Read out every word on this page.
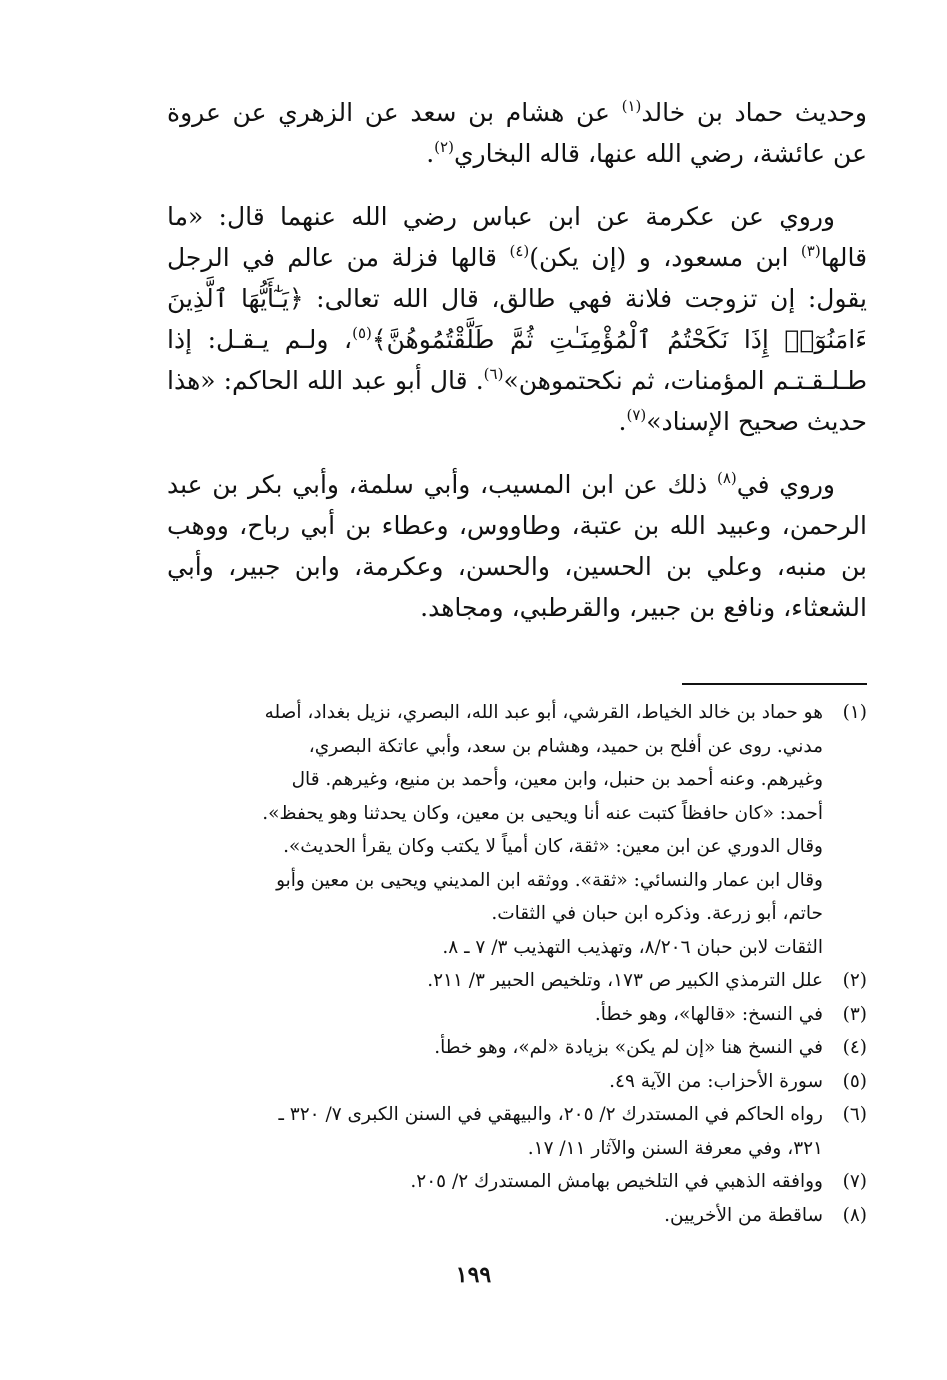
وحديث حماد بن خالد$^{(١)}$ عن هشام بن سعد عن الزهري عن عروة عن عائشة، رضي الله عنها، قاله البخاري$^{(٢)}$.

وروي عن عكرمة عن ابن عباس رضي الله عنهما قال: «ما قالها$^{(٣)}$ ابن مسعود، و (إن يكن)$^{(٤)}$ قالها فزلة من عالم في الرجل يقول: إن تزوجت فلانة فهي طالق، قال الله تعالى: ﴿يَـٰٓأَيُّهَا ٱلَّذِينَ ءَامَنُوٓا۟ إِذَا نَكَحْتُمُ ٱلْمُؤْمِنَـٰتِ ثُمَّ طَلَّقْتُمُوهُنَّ﴾$^{(٥)}$، ولـم يـقـل: إذا طـلـقـتـم المؤمنات، ثم نكحتموهن»$^{(٦)}$. قال أبو عبد الله الحاكم: «هذا حديث صحيح الإسناد»$^{(٧)}$.

وروي في$^{(٨)}$ ذلك عن ابن المسيب، وأبي سلمة، وأبي بكر بن عبد الرحمن، وعبيد الله بن عتبة، وطاووس، وعطاء بن أبي رباح، ووهب بن منبه، وعلي بن الحسين، والحسن، وعكرمة، وابن جبير، وأبي الشعثاء، ونافع بن جبير، والقرطبي، ومجاهد.

(١)
هو حماد بن خالد الخياط، القرشي، أبو عبد الله، البصري، نزيل بغداد، أصله
مدني. روى عن أفلح بن حميد، وهشام بن سعد، وأبي عاتكة البصري،
وغيرهم. وعنه أحمد بن حنبل، وابن معين، وأحمد بن منيع، وغيرهم. قال
أحمد: «كان حافظاً كتبت عنه أنا ويحيى بن معين، وكان يحدثنا وهو يحفظ».
وقال الدوري عن ابن معين: «ثقة، كان أمياً لا يكتب وكان يقرأ الحديث».
وقال ابن عمار والنسائي: «ثقة». ووثقه ابن المديني ويحيى بن معين وأبو
حاتم، أبو زرعة. وذكره ابن حبان في الثقات.
الثقات لابن حبان ٨/٢٠٦، وتهذيب التهذيب ٣/ ٧ ـ ٨.
(٢)
علل الترمذي الكبير ص ١٧٣، وتلخيص الحبير ٣/ ٢١١.
(٣)
في النسخ: «قالها»، وهو خطأ.
(٤)
في النسخ هنا «إن لم يكن» بزيادة «لم»، وهو خطأ.
(٥)
سورة الأحزاب: من الآية ٤٩.
(٦)
رواه الحاكم في المستدرك ٢/ ٢٠٥، والبيهقي في السنن الكبرى ٧/ ٣٢٠ ـ
٣٢١، وفي معرفة السنن والآثار ١١/ ١٧.
(٧)
ووافقه الذهبي في التلخيص بهامش المستدرك ٢/ ٢٠٥.
(٨)
ساقطة من الأخريين.
١٩٩
